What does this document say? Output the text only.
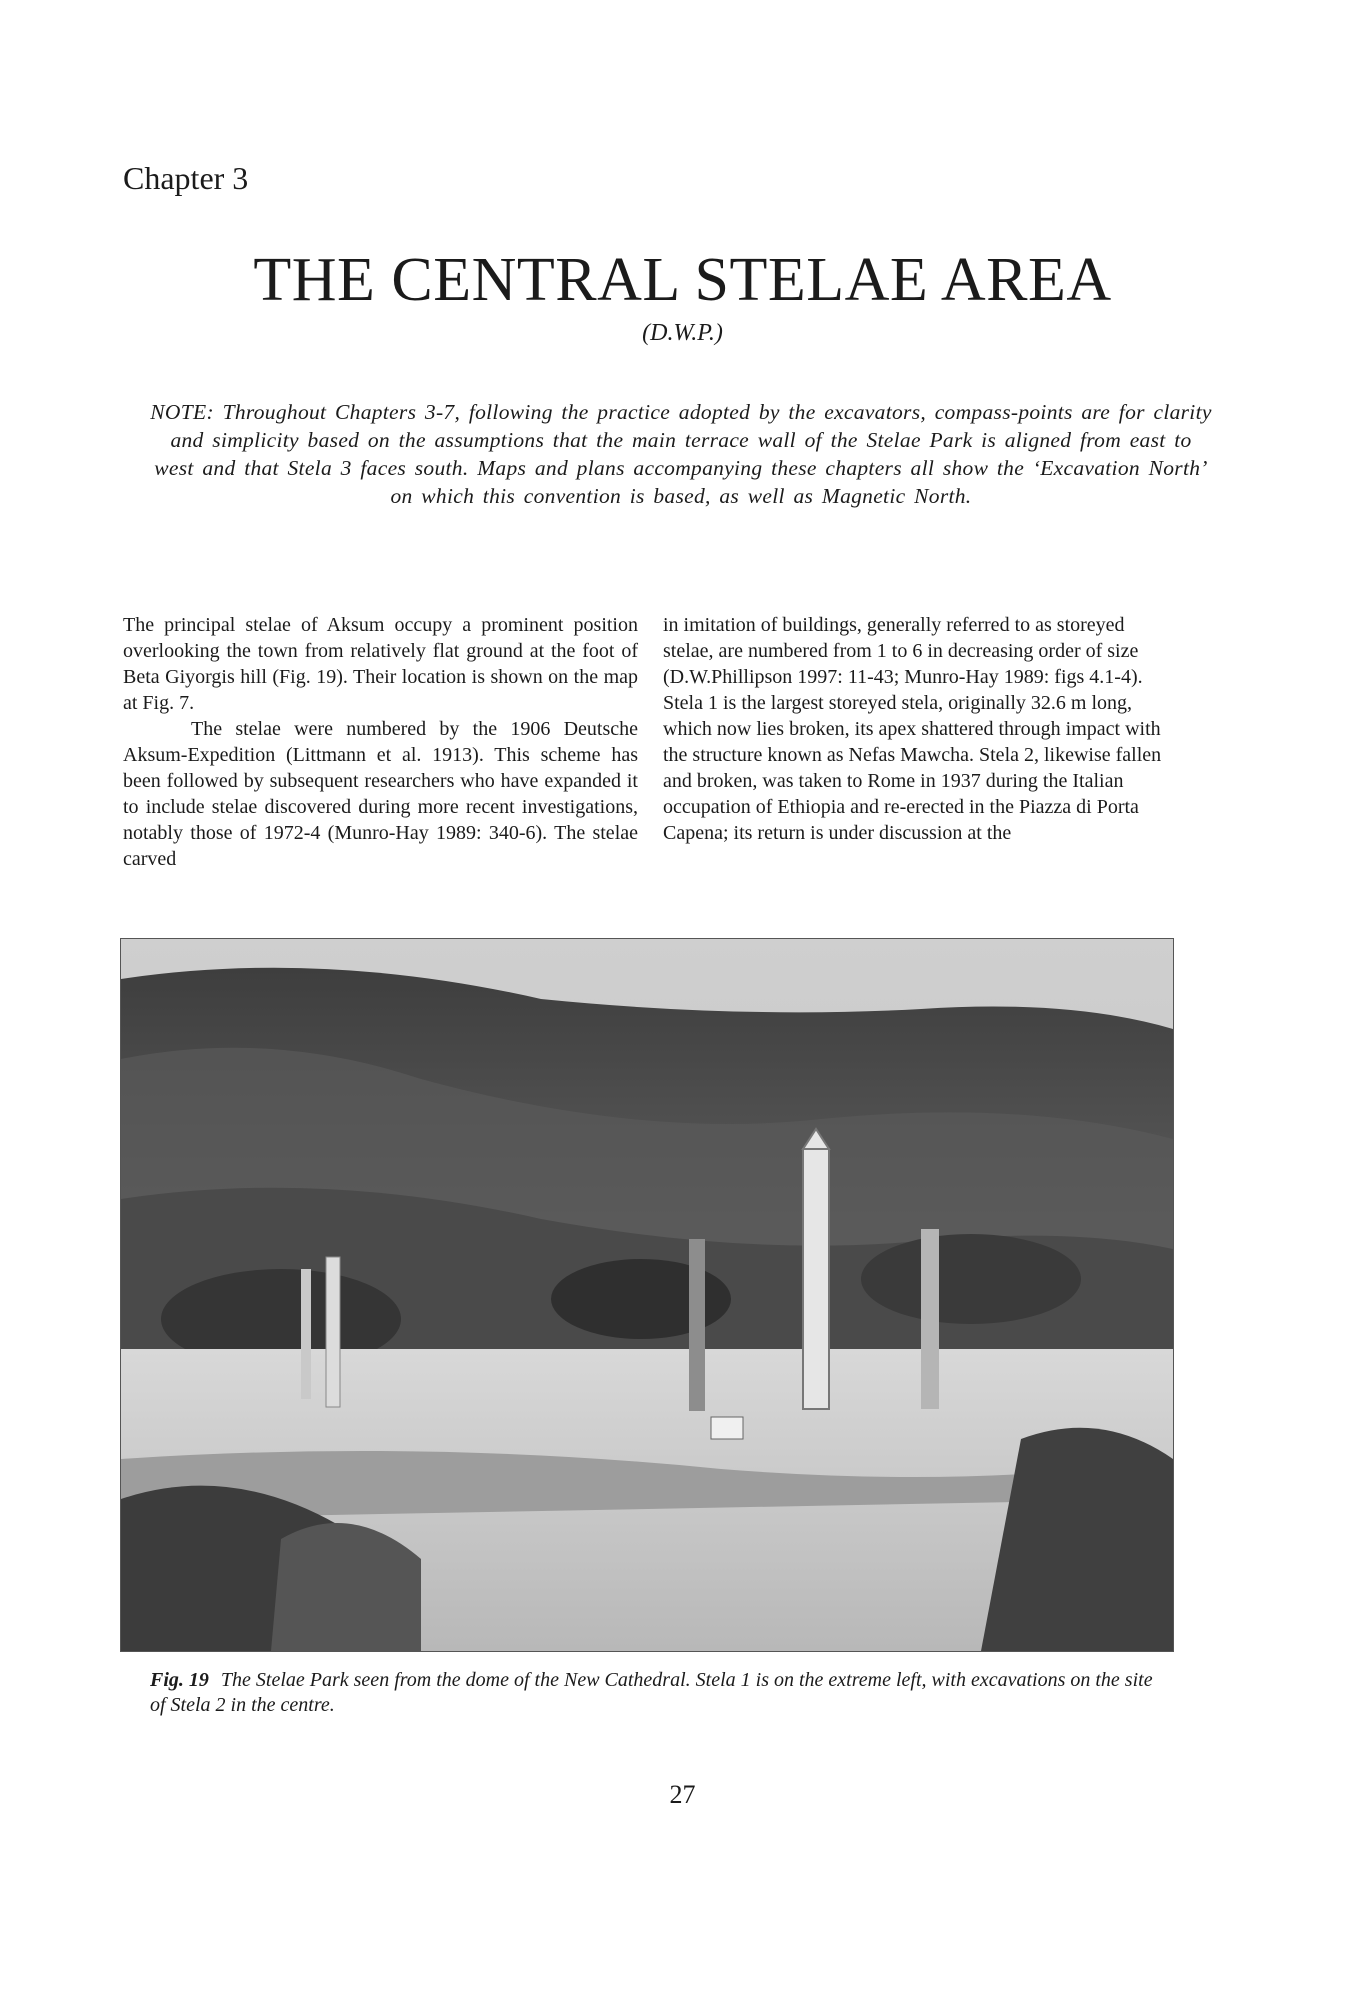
Chapter 3
THE CENTRAL STELAE AREA
(D.W.P.)
NOTE: Throughout Chapters 3-7, following the practice adopted by the excavators, compass-points are for clarity and simplicity based on the assumptions that the main terrace wall of the Stelae Park is aligned from east to west and that Stela 3 faces south. Maps and plans accompanying these chapters all show the ‘Excavation North’ on which this convention is based, as well as Magnetic North.

The principal stelae of Aksum occupy a prominent position overlooking the town from relatively flat ground at the foot of Beta Giyorgis hill (Fig. 19). Their location is shown on the map at Fig. 7.

The stelae were numbered by the 1906 Deutsche Aksum-Expedition (Littmann et al. 1913). This scheme has been followed by subsequent researchers who have expanded it to include stelae discovered during more recent investigations, notably those of 1972-4 (Munro-Hay 1989: 340-6). The stelae carved

in imitation of buildings, generally referred to as storeyed stelae, are numbered from 1 to 6 in decreasing order of size (D.W.Phillipson 1997: 11-43; Munro-Hay 1989: figs 4.1-4). Stela 1 is the largest storeyed stela, originally 32.6 m long, which now lies broken, its apex shattered through impact with the structure known as Nefas Mawcha. Stela 2, likewise fallen and broken, was taken to Rome in 1937 during the Italian occupation of Ethiopia and re-erected in the Piazza di Porta Capena; its return is under discussion at the

Fig. 19 The Stelae Park seen from the dome of the New Cathedral. Stela 1 is on the extreme left, with excavations on the site of Stela 2 in the centre.
27
